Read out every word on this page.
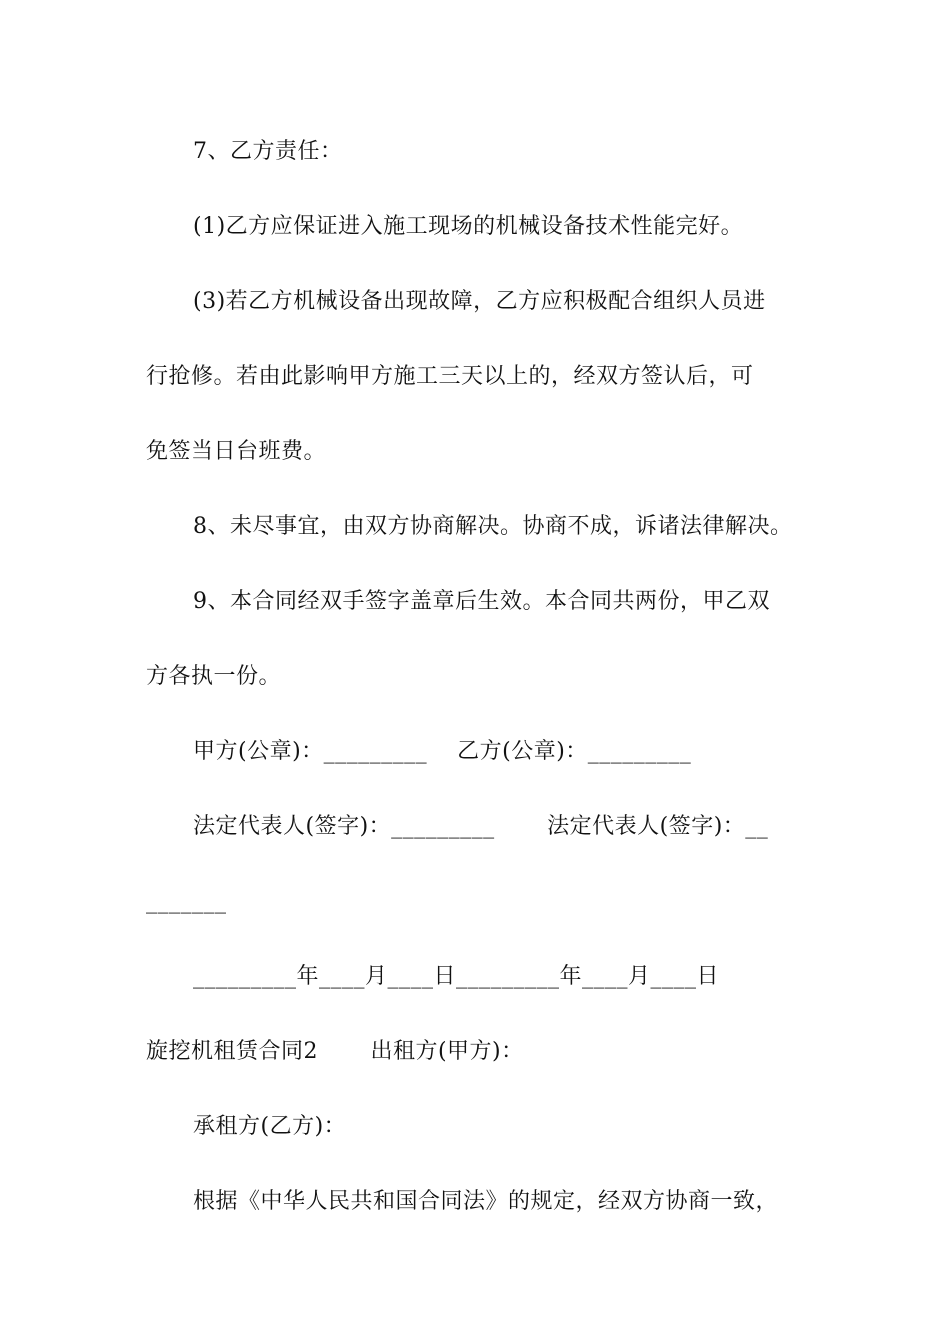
7、乙方责任：
(1)乙方应保证进入施工现场的机械设备技术性能完好。
(3)若乙方机械设备出现故障，乙方应积极配合组织人员进
行抢修。若由此影响甲方施工三天以上的，经双方签认后，可
免签当日台班费。
8、未尽事宜，由双方协商解决。协商不成，诉诸法律解决。
9、本合同经双手签字盖章后生效。本合同共两份，甲乙双
方各执一份。
甲方(公章)：_________    乙方(公章)：_________
法定代表人(签字)：_________       法定代表人(签字)：__
_______
_________年____月____日_________年____月____日
旋挖机租赁合同2       出租方(甲方)：
承租方(乙方)：
根据《中华人民共和国合同法》的规定，经双方协商一致，
